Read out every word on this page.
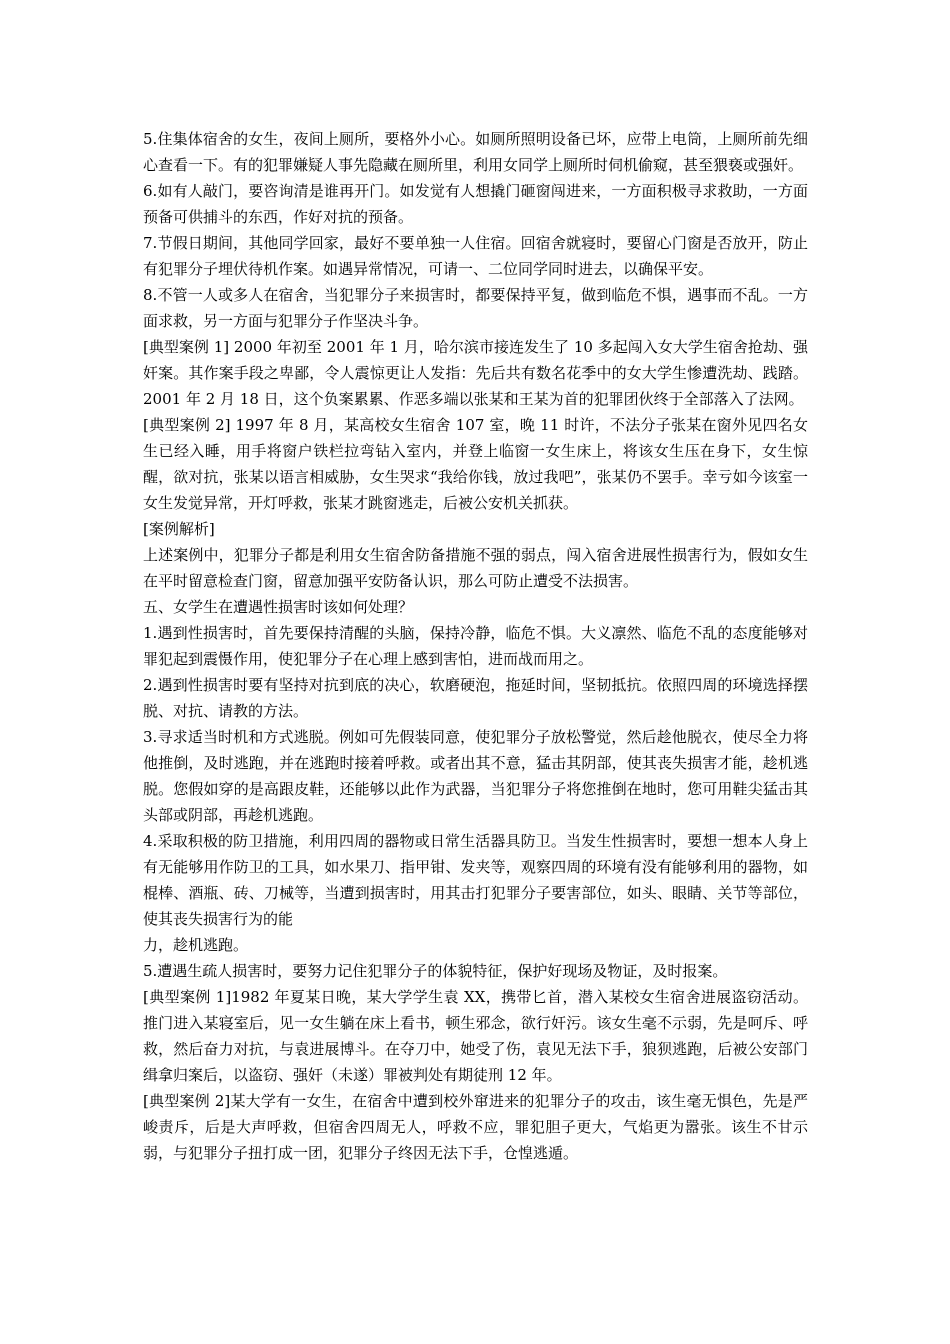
5.住集体宿舍的女生，夜间上厕所，要格外小心。如厕所照明设备已坏，应带上电筒，上厕所前先细心查看一下。有的犯罪嫌疑人事先隐藏在厕所里，利用女同学上厕所时伺机偷窥，甚至猥亵或强奸。

6.如有人敲门，要咨询清是谁再开门。如发觉有人想撬门砸窗闯进来，一方面积极寻求救助，一方面预备可供捕斗的东西，作好对抗的预备。

7.节假日期间，其他同学回家，最好不要单独一人住宿。回宿舍就寝时，要留心门窗是否放开，防止有犯罪分子埋伏待机作案。如遇异常情况，可请一、二位同学同时进去，以确保平安。

8.不管一人或多人在宿舍，当犯罪分子来损害时，都要保持平复，做到临危不惧，遇事而不乱。一方面求救，另一方面与犯罪分子作坚决斗争。

[典型案例 1] 2000 年初至 2001 年 1 月，哈尔滨市接连发生了 10 多起闯入女大学生宿舍抢劫、强奸案。其作案手段之卑鄙，令人震惊更让人发指：先后共有数名花季中的女大学生惨遭洗劫、践踏。2001 年 2 月 18 日，这个负案累累、作恶多端以张某和王某为首的犯罪团伙终于全部落入了法网。

[典型案例 2] 1997 年 8 月，某高校女生宿舍 107 室，晚 11 时许，不法分子张某在窗外见四名女生已经入睡，用手将窗户铁栏拉弯钻入室内，并登上临窗一女生床上，将该女生压在身下，女生惊醒，欲对抗，张某以语言相威胁，女生哭求“我给你钱，放过我吧”，张某仍不罢手。幸亏如今该室一女生发觉异常，开灯呼救，张某才跳窗逃走，后被公安机关抓获。

[案例解析]

上述案例中，犯罪分子都是利用女生宿舍防备措施不强的弱点，闯入宿舍进展性损害行为，假如女生在平时留意检查门窗，留意加强平安防备认识，那么可防止遭受不法损害。

五、女学生在遭遇性损害时该如何处理？

1.遇到性损害时，首先要保持清醒的头脑，保持冷静，临危不惧。大义凛然、临危不乱的态度能够对罪犯起到震慑作用，使犯罪分子在心理上感到害怕，进而战而用之。

2.遇到性损害时要有坚持对抗到底的决心，软磨硬泡，拖延时间，坚韧抵抗。依照四周的环境选择摆脱、对抗、请教的方法。

3.寻求适当时机和方式逃脱。例如可先假装同意，使犯罪分子放松警觉，然后趁他脱衣，使尽全力将他推倒，及时逃跑，并在逃跑时接着呼救。或者出其不意，猛击其阴部，使其丧失损害才能，趁机逃脱。您假如穿的是高跟皮鞋，还能够以此作为武器，当犯罪分子将您推倒在地时，您可用鞋尖猛击其头部或阴部，再趁机逃跑。

4.采取积极的防卫措施，利用四周的器物或日常生活器具防卫。当发生性损害时，要想一想本人身上有无能够用作防卫的工具，如水果刀、指甲钳、发夹等，观察四周的环境有没有能够利用的器物，如棍棒、酒瓶、砖、刀械等，当遭到损害时，用其击打犯罪分子要害部位，如头、眼睛、关节等部位，使其丧失损害行为的能

力，趁机逃跑。

5.遭遇生疏人损害时，要努力记住犯罪分子的体貌特征，保护好现场及物证，及时报案。

[典型案例 1]1982 年夏某日晚，某大学学生袁 XX，携带匕首，潜入某校女生宿舍进展盗窃活动。推门进入某寝室后，见一女生躺在床上看书，顿生邪念，欲行奸污。该女生毫不示弱，先是呵斥、呼救，然后奋力对抗，与袁进展博斗。在夺刀中，她受了伤，袁见无法下手，狼狈逃跑，后被公安部门缉拿归案后，以盗窃、强奸（未遂）罪被判处有期徒刑 12 年。

[典型案例 2]某大学有一女生，在宿舍中遭到校外窜进来的犯罪分子的攻击，该生毫无惧色，先是严峻责斥，后是大声呼救，但宿舍四周无人，呼救不应，罪犯胆子更大，气焰更为嚣张。该生不甘示弱，与犯罪分子扭打成一团，犯罪分子终因无法下手，仓惶逃遁。
